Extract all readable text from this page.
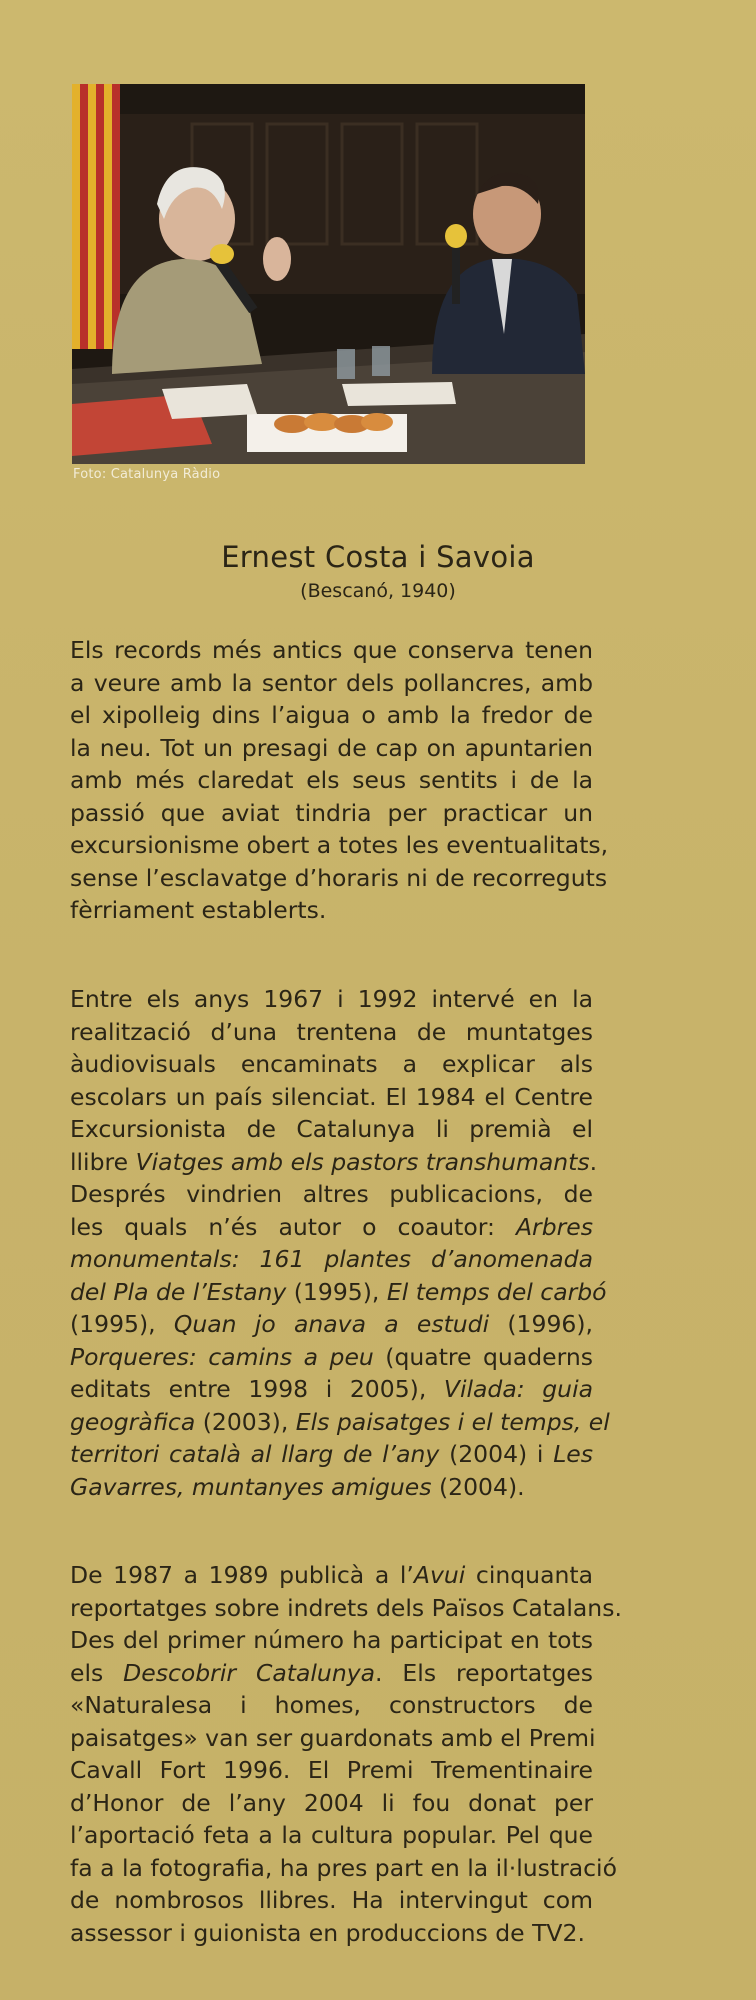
Foto: Catalunya Ràdio
Ernest Costa i Savoia
(Bescanó, 1940)
Els records més antics que conserva tenen
a veure amb la sentor dels pollancres, amb
el xipolleig dins l’aigua o amb la fredor de
la neu. Tot un presagi de cap on apuntarien
amb més claredat els seus sentits i de la
passió que aviat tindria per practicar un
excursionisme obert a totes les eventualitats,
sense l’esclavatge d’horaris ni de recorreguts
fèrriament establerts.
Entre els anys 1967 i 1992 intervé en la
realització d’una trentena de muntatges
àudiovisuals encaminats a explicar als
escolars un país silenciat. El 1984 el Centre
Excursionista de Catalunya li premià el
llibre Viatges amb els pastors transhumants.
Després vindrien altres publicacions, de
les quals n’és autor o coautor: Arbres
monumentals: 161 plantes d’anomenada
del Pla de l’Estany (1995), El temps del carbó
(1995), Quan jo anava a estudi (1996),
Porqueres: camins a peu (quatre quaderns
editats entre 1998 i 2005), Vilada: guia
geogràfica (2003), Els paisatges i el temps, el
territori català al llarg de l’any (2004) i Les
Gavarres, muntanyes amigues (2004).
De 1987 a 1989 publicà a l’Avui cinquanta
reportatges sobre indrets dels Països Catalans.
Des del primer número ha participat en tots
els Descobrir Catalunya. Els reportatges
«Naturalesa i homes, constructors de
paisatges» van ser guardonats amb el Premi
Cavall Fort 1996. El Premi Trementinaire
d’Honor de l’any 2004 li fou donat per
l’aportació feta a la cultura popular. Pel que
fa a la fotografia, ha pres part en la il·lustració
de nombrosos llibres. Ha intervingut com
assessor i guionista en produccions de TV2.
